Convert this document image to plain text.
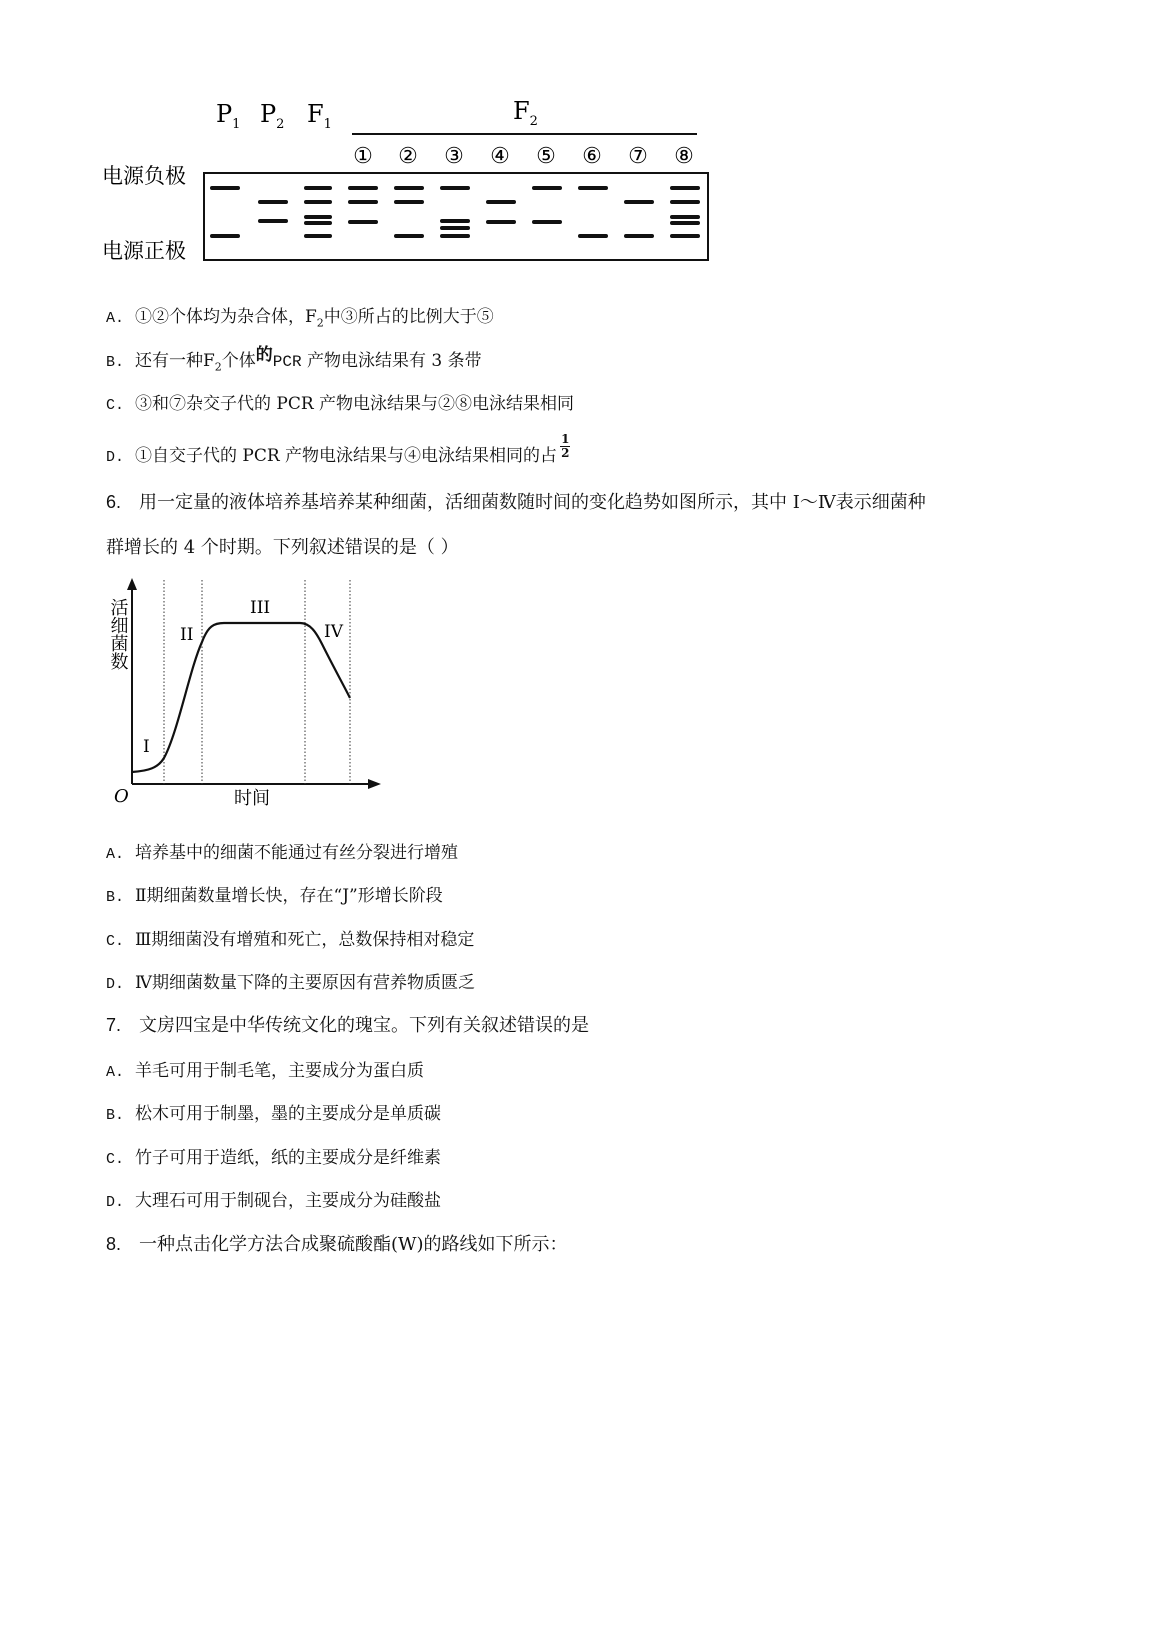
$P_1$ $P_2$ $F_1$	$F_2$
① ② ③ ④ ⑤ ⑥ ⑦ ⑧
电源负极
电源正极
A. ①②个体均为杂合体，$F_2$中③所占的比例大于⑤
B. 还有一种$F_2$个体的PCR 产物电泳结果有 3 条带
C. ③和⑦杂交子代的 PCR 产物电泳结果与②⑧电泳结果相同
D. ①自交子代的 PCR 产物电泳结果与④电泳结果相同的占 $\frac{1}{2}$
6. 用一定量的液体培养基培养某种细菌，活细菌数随时间的变化趋势如图所示，其中 Ⅰ～Ⅳ表示细菌种
群增长的 4 个时期。下列叙述错误的是（ ）
I
II
III
IV
O
活细菌数
时间
A. 培养基中的细菌不能通过有丝分裂进行增殖
B. Ⅱ期细菌数量增长快，存在“J”形增长阶段
C. Ⅲ期细菌没有增殖和死亡，总数保持相对稳定
D. Ⅳ期细菌数量下降的主要原因有营养物质匮乏
7. 文房四宝是中华传统文化的瑰宝。下列有关叙述错误的是
A. 羊毛可用于制毛笔，主要成分为蛋白质
B. 松木可用于制墨，墨的主要成分是单质碳
C. 竹子可用于造纸，纸的主要成分是纤维素
D. 大理石可用于制砚台，主要成分为硅酸盐
8. 一种点击化学方法合成聚硫酸酯(W)的路线如下所示：
